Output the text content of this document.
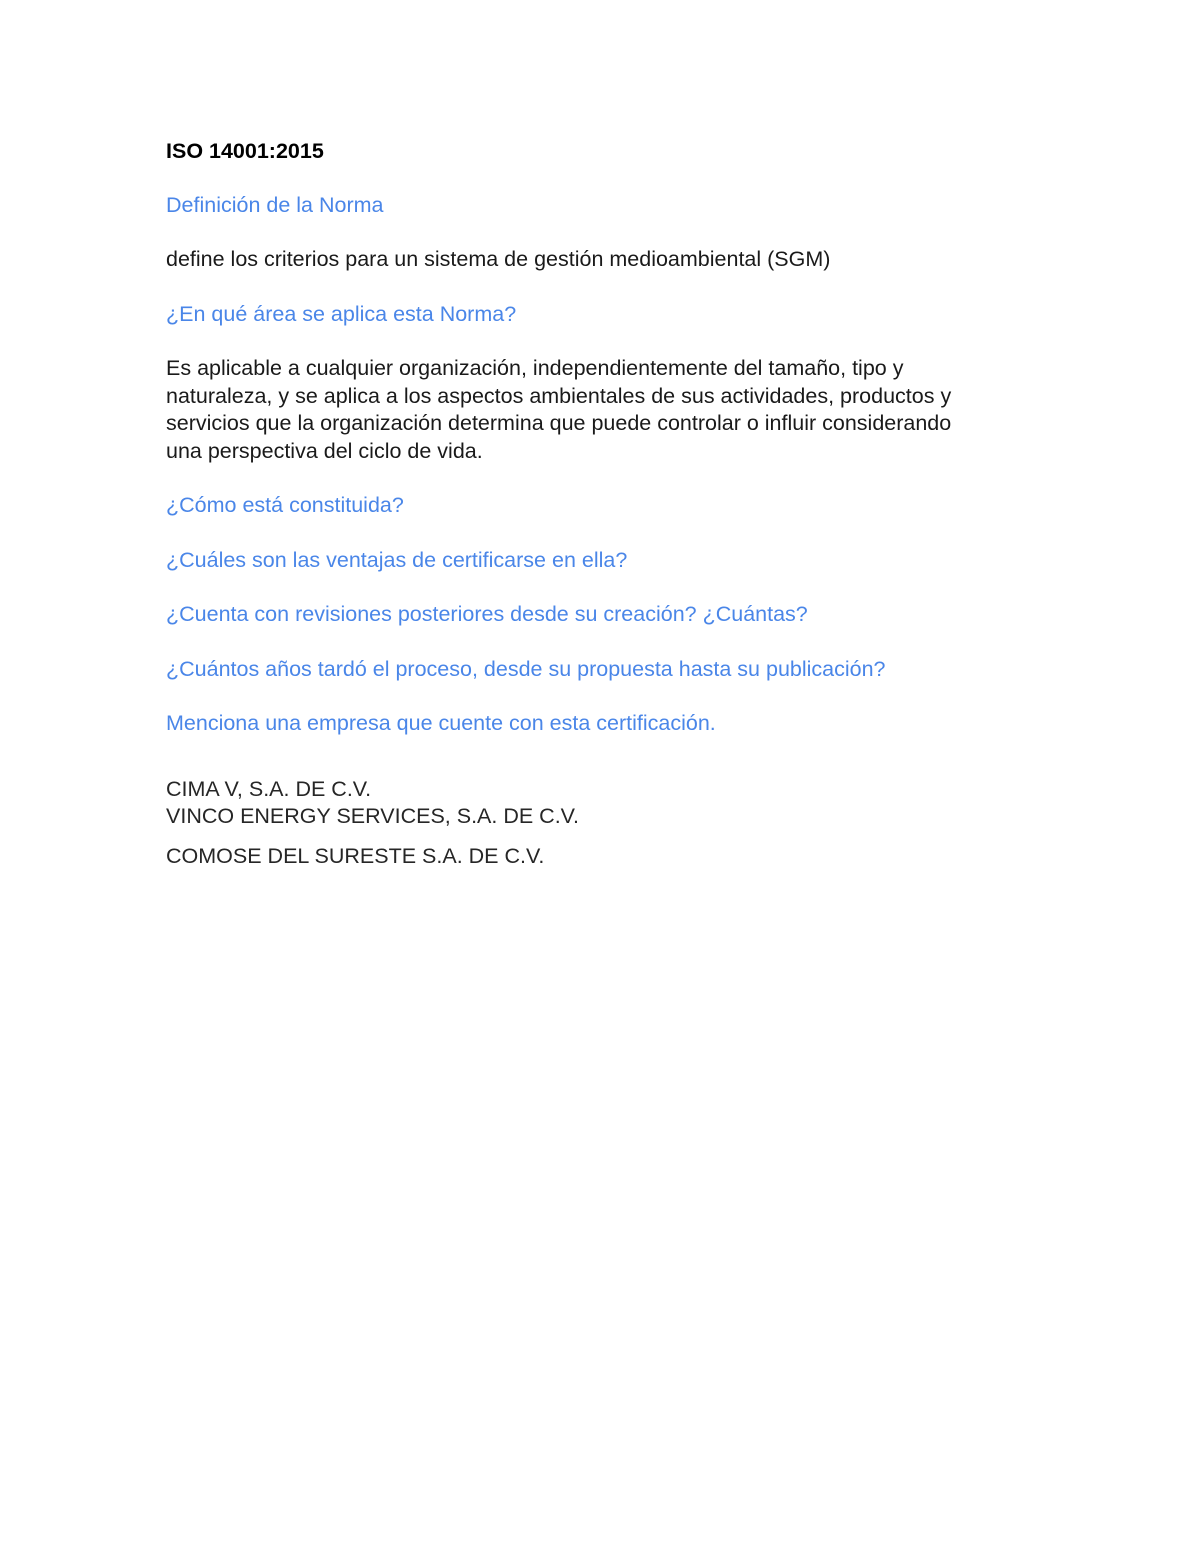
ISO 14001:2015
Definición de la Norma
define los criterios para un sistema de gestión medioambiental (SGM)
¿En qué área se aplica esta Norma?
Es aplicable a cualquier organización, independientemente del tamaño, tipo y
naturaleza, y se aplica a los aspectos ambientales de sus actividades, productos y
servicios que la organización determina que puede controlar o influir considerando
una perspectiva del ciclo de vida.
¿Cómo está constituida?
¿Cuáles son las ventajas de certificarse en ella?
¿Cuenta con revisiones posteriores desde su creación? ¿Cuántas?
¿Cuántos años tardó el proceso, desde su propuesta hasta su publicación?
Menciona una empresa que cuente con esta certificación.
CIMA V, S.A. DE C.V.
VINCO ENERGY SERVICES, S.A. DE C.V.
COMOSE DEL SURESTE S.A. DE C.V.
